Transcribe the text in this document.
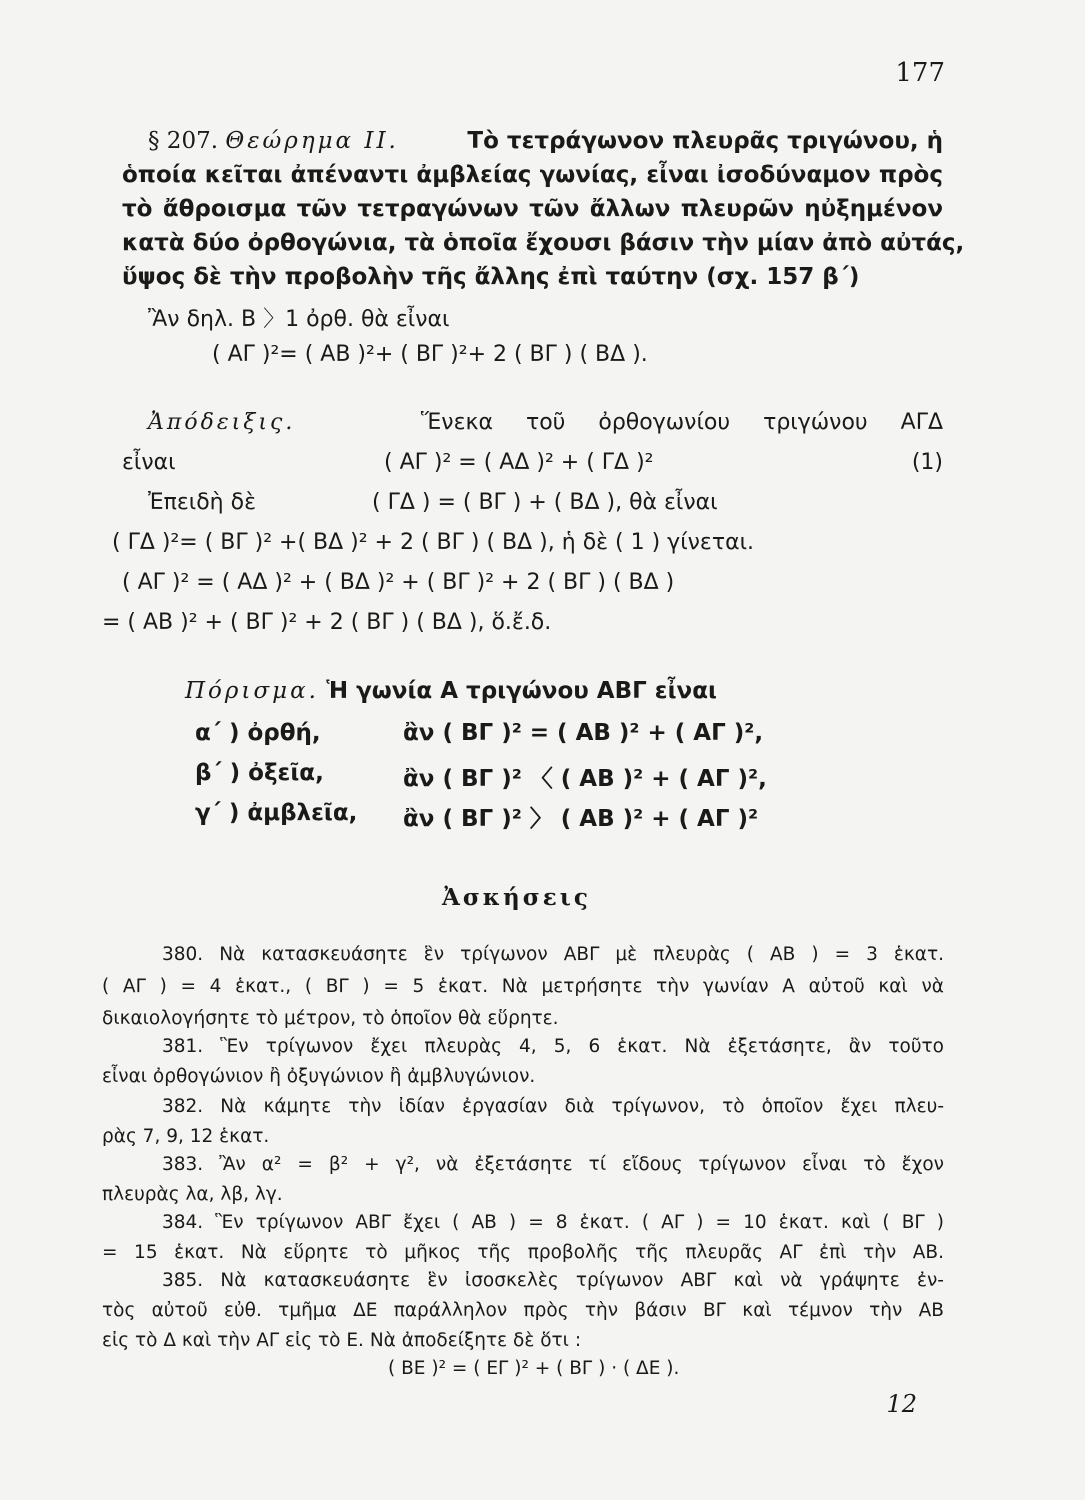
177
§ 207. Θεώρημα ΙΙ.	Τὸ τετράγωνον πλευρᾶς τριγώνου, ἡ
ὁποία κεῖται ἀπέναντι ἀμβλείας γωνίας, εἶναι ἰσοδύναμον πρὸς
τὸ ἄθροισμα τῶν τετραγώνων τῶν ἄλλων πλευρῶν ηὐξημένον
κατὰ δύο ὀρθογώνια, τὰ ὁποῖα ἔχουσι βάσιν τὴν μίαν ἀπὸ αὐτάς,
ὕψος δὲ τὴν προβολὴν τῆς ἄλλης ἐπὶ ταύτην (σχ. 157 β΄)
Ἂν δηλ. Β 〉1 ὀρθ. θὰ εἶναι
( ΑΓ )²= ( ΑΒ )²+ ( ΒΓ )²+ 2 ( ΒΓ ) ( ΒΔ ).
Ἀπόδειξις.	Ἕνεκα τοῦ ὀρθογωνίου τριγώνου ΑΓΔ
εἶναι	( ΑΓ )² = ( ΑΔ )² + ( ΓΔ )²	(1)
Ἐπειδὴ δὲ	( ΓΔ ) = ( ΒΓ ) + ( ΒΔ ), θὰ εἶναι
( ΓΔ )²= ( ΒΓ )² +( ΒΔ )² + 2 ( ΒΓ ) ( ΒΔ ), ἡ δὲ ( 1 ) γίνεται.
( ΑΓ )² = ( ΑΔ )² + ( ΒΔ )² + ( ΒΓ )² + 2 ( ΒΓ ) ( ΒΔ )
= ( ΑΒ )² + ( ΒΓ )² + 2 ( ΒΓ ) ( ΒΔ ), ὅ.ἔ.δ.
Πόρισμα. Ἡ γωνία Α τριγώνου ΑΒΓ εἶναι
α΄ ) ὀρθή,	ἂν ( ΒΓ )² = ( ΑΒ )² + ( ΑΓ )²,
β΄ ) ὀξεῖα,	ἂν ( ΒΓ )² 〈 ( ΑΒ )² + ( ΑΓ )²,
γ΄ ) ἀμβλεῖα, ἂν ( ΒΓ )² 〉 ( ΑΒ )² + ( ΑΓ )²
Ἀσκήσεις
380. Νὰ κατασκευάσητε ἓν τρίγωνον ΑΒΓ μὲ πλευρὰς ( ΑΒ ) = 3 ἑκατ.
( ΑΓ ) = 4 ἑκατ., ( ΒΓ ) = 5 ἑκατ. Νὰ μετρήσητε τὴν γωνίαν Α αὐτοῦ καὶ νὰ
δικαιολογήσητε τὸ μέτρον, τὸ ὁποῖον θὰ εὕρητε.
381. Ἓν τρίγωνον ἔχει πλευρὰς 4, 5, 6 ἑκατ. Νὰ ἐξετάσητε, ἂν τοῦτο
εἶναι ὀρθογώνιον ἢ ὀξυγώνιον ἢ ἀμβλυγώνιον.
382. Νὰ κάμητε τὴν ἰδίαν ἐργασίαν διὰ τρίγωνον, τὸ ὁποῖον ἔχει πλευ-
ρὰς 7, 9, 12 ἑκατ.
383. Ἂν α² = β² + γ², νὰ ἐξετάσητε τί εἴδους τρίγωνον εἶναι τὸ ἔχον
πλευρὰς λα, λβ, λγ.
384. Ἓν τρίγωνον ΑΒΓ ἔχει ( ΑΒ ) = 8 ἑκατ. ( ΑΓ ) = 10 ἑκατ. καὶ ( ΒΓ )
= 15 ἑκατ. Νὰ εὕρητε τὸ μῆκος τῆς προβολῆς τῆς πλευρᾶς ΑΓ ἐπὶ τὴν ΑΒ.
385. Νὰ κατασκευάσητε ἓν ἰσοσκελὲς τρίγωνον ΑΒΓ καὶ νὰ γράψητε ἐν-
τὸς αὐτοῦ εὐθ. τμῆμα ΔΕ παράλληλον πρὸς τὴν βάσιν ΒΓ καὶ τέμνον τὴν ΑΒ
εἰς τὸ Δ καὶ τὴν ΑΓ εἰς τὸ Ε. Νὰ ἀποδείξητε δὲ ὅτι :
( ΒΕ )² = ( ΕΓ )² + ( ΒΓ ) · ( ΔΕ ).
12
